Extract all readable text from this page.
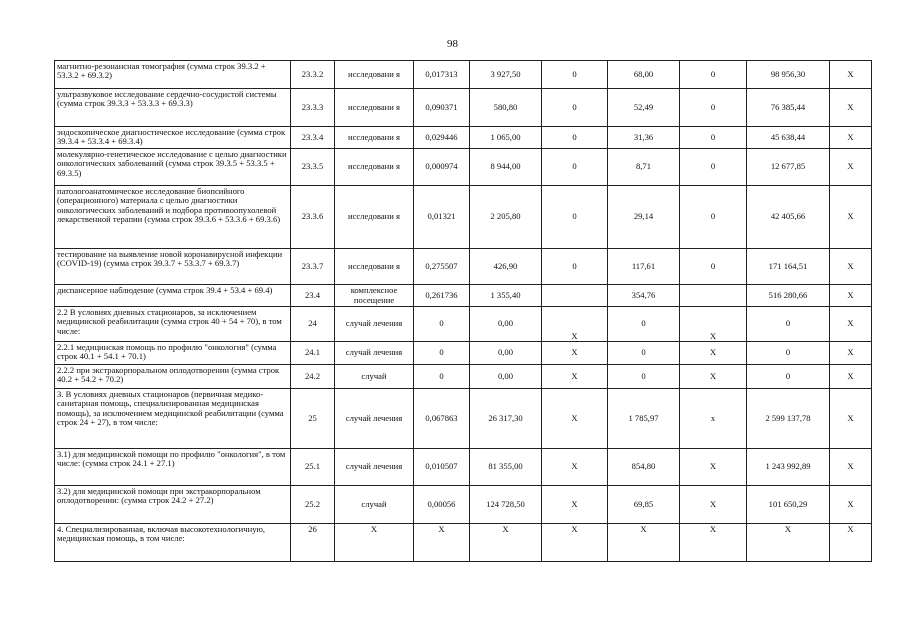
98
магнитно-резонансная томография (сумма строк 39.3.2 + 53.3.2 + 69.3.2)	23.3.2	исследовани я	0,017313	3 927,50	0	68,00	0	98 956,30	X
ультразвуковое исследование сердечно-сосудистой системы (сумма строк 39.3.3 + 53.3.3 + 69.3.3)	23.3.3	исследовани я	0,090371	580,80	0	52,49	0	76 385,44	X
эндоскопическое диагностическое исследование (сумма строк 39.3.4 + 53.3.4 + 69.3.4)	23.3.4	исследовани я	0,029446	1 065,00	0	31,36	0	45 638,44	X
молекулярно-генетическое исследование с целью диагностики онкологических заболеваний (сумма строк 39.3.5 + 53.3.5 + 69.3.5)	23.3.5	исследовани я	0,000974	8 944,00	0	8,71	0	12 677,85	X
патологоанатомическое исследование биопсийного (операционного) материала с целью диагностики онкологических заболеваний и подбора противоопухолевой лекарственной терапии (сумма строк 39.3.6 + 53.3.6 + 69.3.6)	23.3.6	исследовани я	0,01321	2 205,80	0	29,14	0	42 405,66	X
тестирование на выявление новой коронавирусной инфекции (COVID-19) (сумма строк 39.3.7 + 53.3.7 + 69.3.7)	23.3.7	исследовани я	0,275507	426,90	0	117,61	0	171 164,51	X
диспансерное наблюдение (сумма строк 39.4 + 53.4 + 69.4)	23.4	комплексное посещение	0,261736	1 355,40		354,76		516 280,66	X
2.2 В условиях дневных стационаров, за исключением медицинской реабилитации (сумма строк 40 + 54 + 70), в том числе:	24	случай лечения	0	0,00	X	0	X	0	X
2.2.1 медицинская помощь по профилю "онкология" (сумма строк 40.1 + 54.1 + 70.1)	24.1	случай лечения	0	0,00	X	0	X	0	X
2.2.2 при экстракорпоральном оплодотворении (сумма строк 40.2 + 54.2 + 70.2)	24.2	случай	0	0,00	X	0	X	0	X
3. В условиях дневных стационаров (первичная медико-санитарная помощь, специализированная медицинская помощь), за исключением медицинской реабилитации (сумма строк 24 + 27), в том числе:	25	случай лечения	0,067863	26 317,30	X	1 785,97	x	2 599 137,78	X
3.1) для медицинской помощи по профилю "онкология", в том числе: (сумма строк 24.1 + 27.1)	25.1	случай лечения	0,010507	81 355,00	X	854,80	X	1 243 992,89	X
3.2) для медицинской помощи при экстракорпоральном оплодотворении: (сумма строк 24.2 + 27.2)	25.2	случай	0,00056	124 728,50	X	69,85	X	101 650,29	X
4. Специализированная, включая высокотехнологичную, медицинская помощь, в том числе:	26	X	X	X	X	X	X	X	X
